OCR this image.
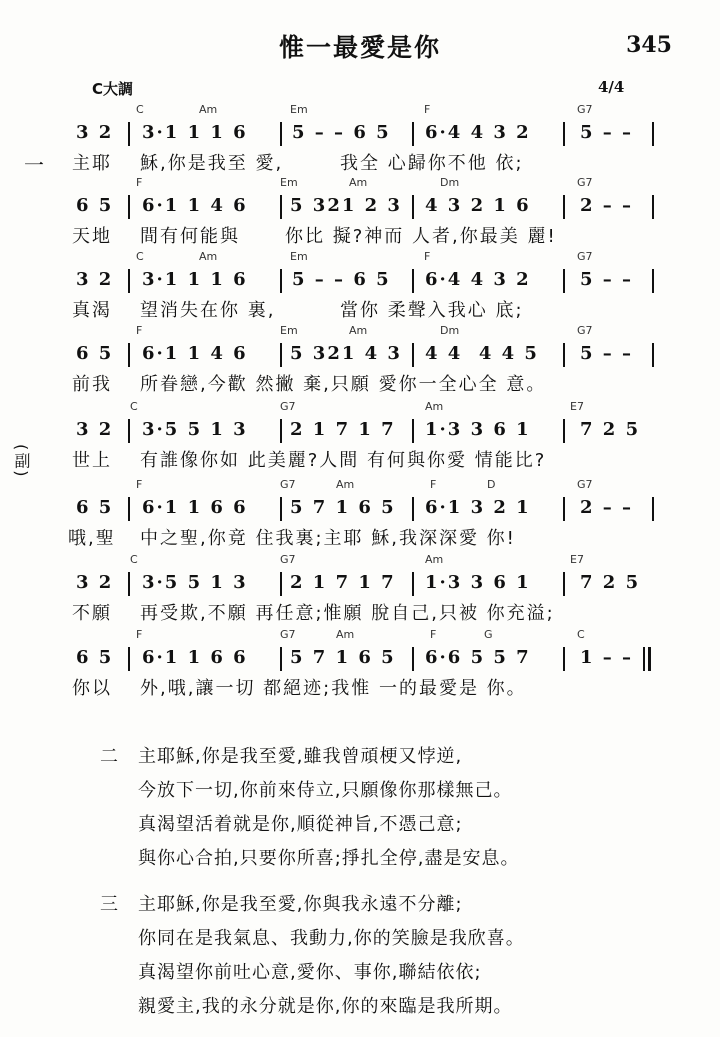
惟一最愛是你	345
C大調	4/4
C	Am	Em	F	G7
3 2 3·1 1 1 6 5 – – 6 5 6·4 4 3 2	5 – –
主耶 穌,你是我至 愛,	我全 心歸你不他 依;
一
F	Em	Am	Dm	G7
6 5 6·1 1 4 6 5 321 2 3 4 3 2 1 6	2 – –
天地 間有何能與	你比 擬?神而 人者,你最美 麗!
C	Am	Em	F	G7
3 2 3·1 1 1 6 5 – – 6 5 6·4 4 3 2	5 – –
真渴 望消失在你 裏,	當你 柔聲入我心 底;
F	Em	Am	Dm	G7
6 5 6·1 1 4 6 5 321 4 3 4 4  4 4 5 5 – –
前我 所眷戀,今歡 然撇 棄,只願 愛你一全心全 意。
C	G7	Am	E7
3 2 3·5 5 1 3 2 1 7 1 7 1·3 3 6 1	7 2 5
世上 有誰像你如 此美麗?人間 有何與你愛 情能比?
F	G7	Am	F	D	G7
6 5 6·1 1 6 6 5 7 1 6 5 6·1 3 2 1	2 – –
哦,聖 中之聖,你竟 住我裏;主耶 穌,我深深愛 你!
C	G7	Am	E7
3 2 3·5 5 1 3 2 1 7 1 7 1·3 3 6 1	7 2 5
不願 再受欺,不願 再任意;惟願 脫自己,只被 你充溢;
F	G7	Am	F	G	C
6 5 6·1 1 6 6 5 7 1 6 5 6·6 5 5 7	1 – –
你以 外,哦,讓一切 都絕迹;我惟 一的最愛是 你。
(副)
二 主耶穌,你是我至愛,雖我曾頑梗又悖逆,
今放下一切,你前來侍立,只願像你那樣無己。
真渴望活着就是你,順從神旨,不憑己意;
與你心合拍,只要你所喜;掙扎全停,盡是安息。
三 主耶穌,你是我至愛,你與我永遠不分離;
你同在是我氣息、我動力,你的笑臉是我欣喜。
真渴望你前吐心意,愛你、事你,聯結依依;
親愛主,我的永分就是你,你的來臨是我所期。
